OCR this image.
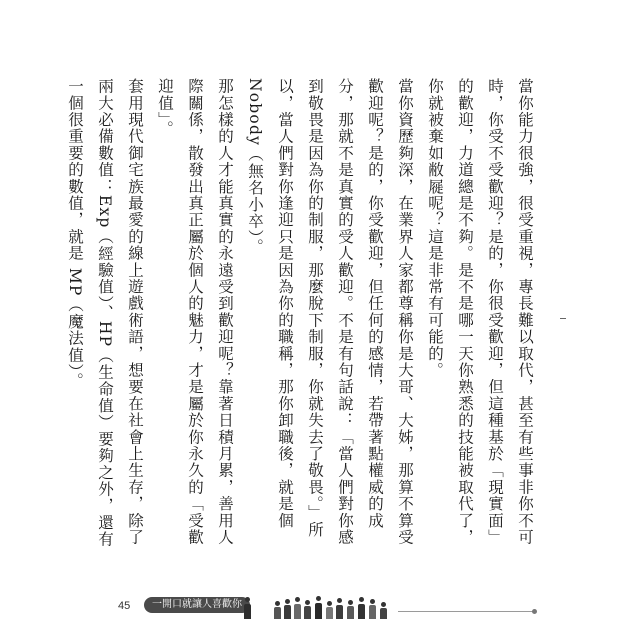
當你能力很強，很受重視，專長難以取代，甚至有些事非你不可時，你受不受歡迎？是的，你很受歡迎，但這種基於「現實面」的歡迎，力道總是不夠。是不是哪一天你熟悉的技能被取代了，你就被棄如敝屣呢？這是非常有可能的。

當你資歷夠深，在業界人家都尊稱你是大哥、大姊，那算不算受歡迎呢？是的，你受歡迎，但任何的感情，若帶著點權威的成分，那就不是真實的受人歡迎。不是有句話說：「當人們對你感到敬畏是因為你的制服，那麼脫下制服，你就失去了敬畏。」所以，當人們對你逢迎只是因為你的職稱，那你卸職後，就是個 Nobody（無名小卒）。

那怎樣的人才能真實的永遠受到歡迎呢？靠著日積月累，善用人際關係，散發出真正屬於個人的魅力，才是屬於你永久的「受歡迎值」。

套用現代御宅族最愛的線上遊戲術語，想要在社會上生存，除了兩大必備數值：Exp（經驗值）、HP（生命值）要夠之外，還有一個很重要的數值，就是 MP（魔法值）。

45	一開口就讓人喜歡你
